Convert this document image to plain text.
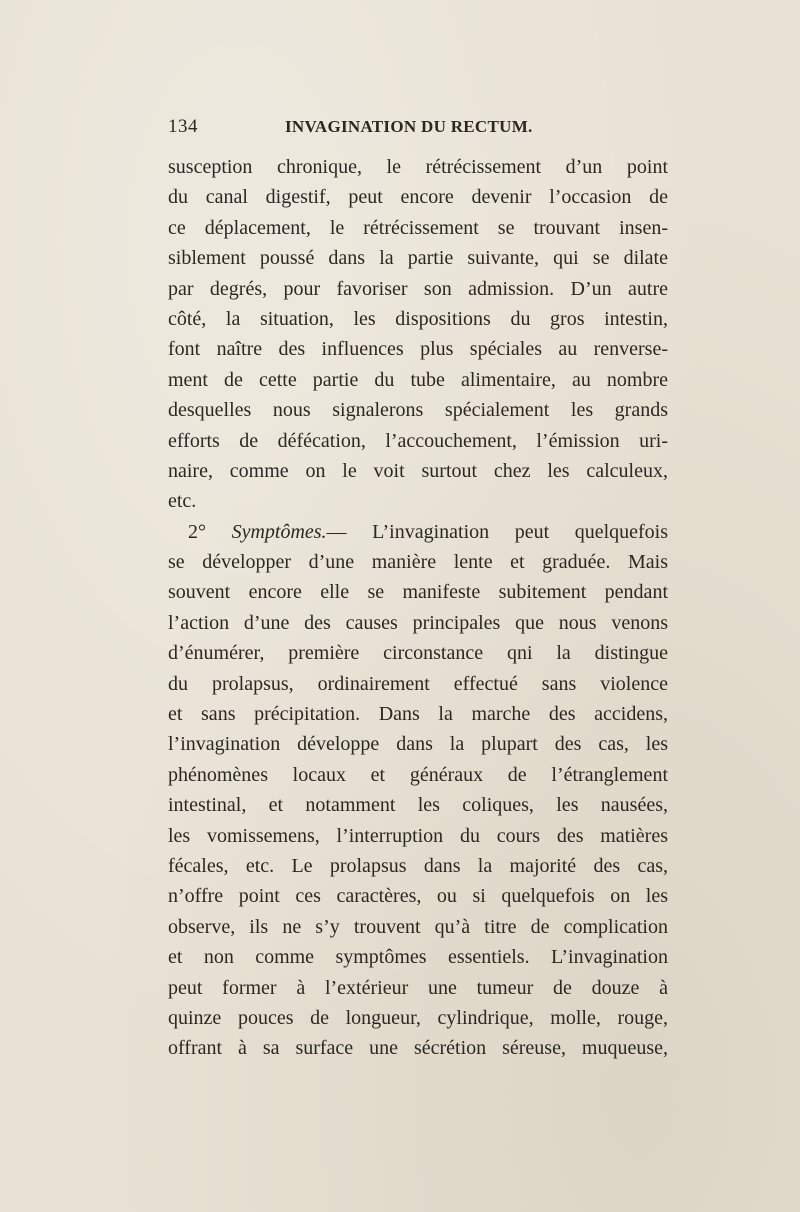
134	INVAGINATION DU RECTUM.
susception chronique, le rétrécissement d’un point
du canal digestif, peut encore devenir l’occasion de
ce déplacement, le rétrécissement se trouvant insen-
siblement poussé dans la partie suivante, qui se dilate
par degrés, pour favoriser son admission. D’un autre
côté, la situation, les dispositions du gros intestin,
font naître des influences plus spéciales au renverse-
ment de cette partie du tube alimentaire, au nombre
desquelles nous signalerons spécialement les grands
efforts de défécation, l’accouchement, l’émission uri-
naire, comme on le voit surtout chez les calculeux,
etc.
2° Symptômes.— L’invagination peut quelquefois
se développer d’une manière lente et graduée. Mais
souvent encore elle se manifeste subitement pendant
l’action d’une des causes principales que nous venons
d’énumérer, première circonstance qni la distingue
du prolapsus, ordinairement effectué sans violence
et sans précipitation. Dans la marche des accidens,
l’invagination développe dans la plupart des cas, les
phénomènes locaux et généraux de l’étranglement
intestinal, et notamment les coliques, les nausées,
les vomissemens, l’interruption du cours des matières
fécales, etc. Le prolapsus dans la majorité des cas,
n’offre point ces caractères, ou si quelquefois on les
observe, ils ne s’y trouvent qu’à titre de complication
et non comme symptômes essentiels. L’invagination
peut former à l’extérieur une tumeur de douze à
quinze pouces de longueur, cylindrique, molle, rouge,
offrant à sa surface une sécrétion séreuse, muqueuse,
